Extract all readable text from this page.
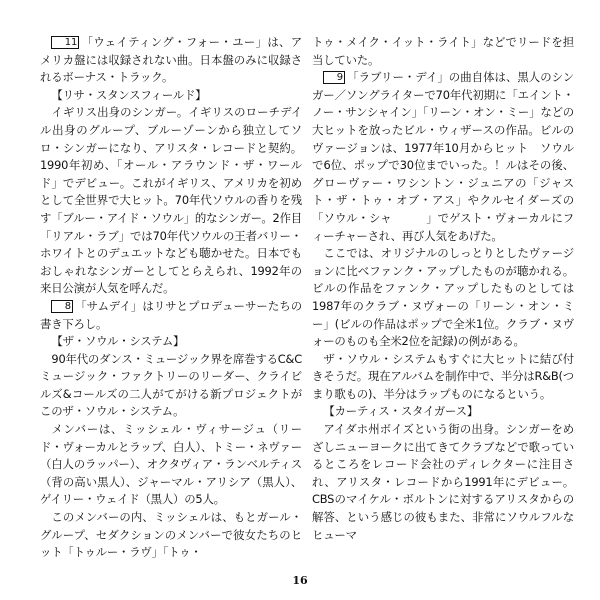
11 「ウェイティング・フォー・ユー」は、アメリカ盤には収録されない曲。日本盤のみに収録されるボーナス・トラック。

【リサ・スタンスフィールド】

イギリス出身のシンガー。イギリスのローチデイル出身のグループ、ブルーゾーンから独立してソロ・シンガーになり、アリスタ・レコードと契約。1990年初め、「オール・アラウンド・ザ・ワールド」でデビュー。これがイギリス、アメリカを初めとして全世界で大ヒット。70年代ソウルの香りを残す「ブルー・アイド・ソウル」的なシンガー。2作目「リアル・ラブ」では70年代ソウルの王者バリー・ホワイトとのデュエットなども聴かせた。日本でもおしゃれなシンガーとしてとらえられ、1992年の来日公演が人気を呼んだ。

8 「サムデイ」はリサとプロデューサーたちの書き下ろし。

【ザ・ソウル・システム】

90年代のダンス・ミュージック界を席巻するC&Cミュージック・ファクトリーのリーダー、クライビルズ&コールズの二人がてがける新プロジェクトがこのザ・ソウル・システム。

メンバーは、ミッシェル・ヴィサージュ（リード・ヴォーカルとラップ、白人）、トミー・ネヴァー（白人のラッパー）、オクタヴィア・ランベルティス（背の高い黒人）、ジャーマル・アリシア（黒人）、ゲイリー・ウェイド（黒人）の5人。

このメンバーの内、ミッシェルは、もとガール・グループ、セダクションのメンバーで彼女たちのヒット「トゥルー・ラヴ」「トゥ・

トゥ・メイク・イット・ライト」などでリードを担当していた。

9 「ラブリー・デイ」の曲自体は、黒人のシンガー／ソングライターで70年代初期に「エイント・ノー・サンシャイン」「リーン・オン・ミー」などの大ヒットを放ったビル・ウィザースの作品。ビルのヴァージョンは、1977年10月からヒット　ソウルで6位、ポップで30位までいった。！ルはその後、グローヴァー・ワシントン・ジュニアの「ジャスト・ザ・トゥ・オブ・アス」やクルセイダーズの「ソウル・シャ　　　」でゲスト・ヴォーカルにフィーチャーされ、再び人気をあげた。

ここでは、オリジナルのしっとりとしたヴァージョンに比べファンク・アップしたものが聴かれる。ビルの作品をファンク・アップしたものとしては1987年のクラブ・ヌヴォーの「リーン・オン・ミー」(ビルの作品はポップで全米1位。クラブ・ヌヴォーのものも全米2位を記録)の例がある。

ザ・ソウル・システムもすぐに大ヒットに結び付きそうだ。現在アルバムを制作中で、半分はR&B(つまり歌もの)、半分はラップものになるという。

【カーティス・スタイガース】

アイダホ州ボイズという街の出身。シンガーをめざしニューヨークに出てきてクラブなどで歌っているところをレコード会社のディレクターに注目され、アリスタ・レコードから1991年にデビュー。CBSのマイケル・ボルトンに対するアリスタからの解答、という感じの彼もまた、非常にソウルフルなヒューマ

16
